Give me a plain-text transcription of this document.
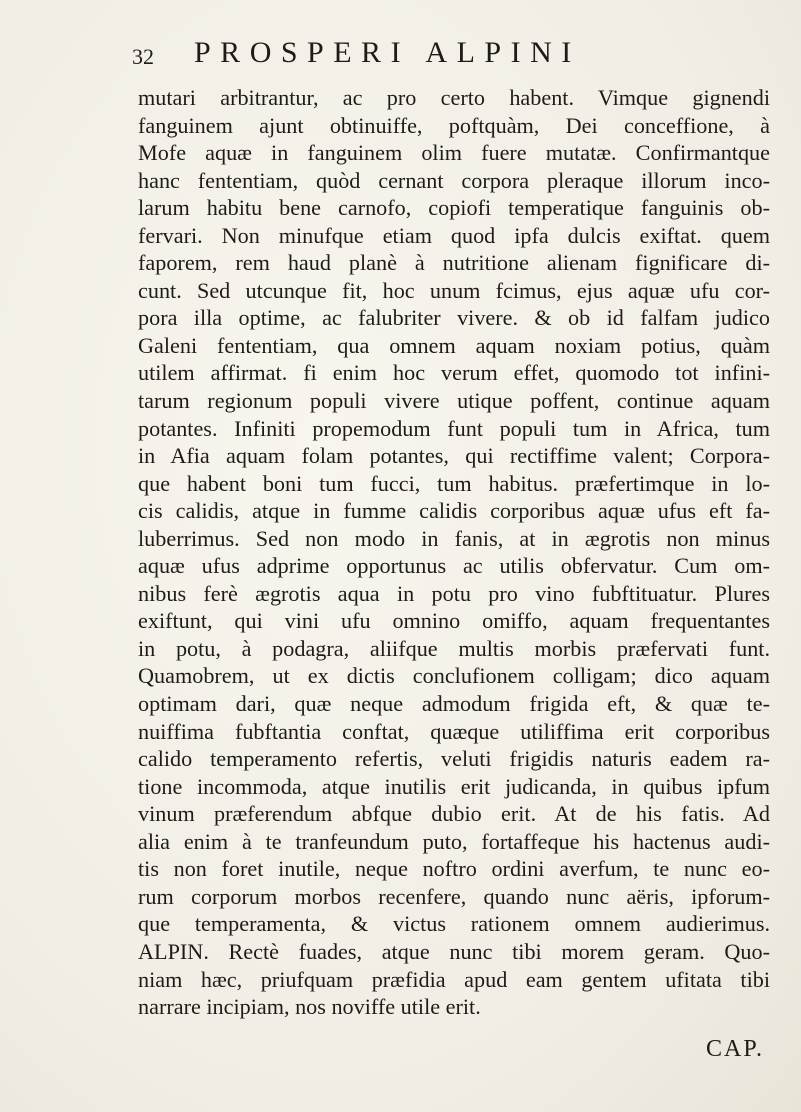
32 PROSPERI ALPINI
mutari arbitrantur, ac pro certo habent. Vimque gignendi
fanguinem ajunt obtinuiffe, poftquàm, Dei conceffione, à
Mofe aquæ in fanguinem olim fuere mutatæ. Confirmantque
hanc fententiam, quòd cernant corpora pleraque illorum inco-
larum habitu bene carnofo, copiofi temperatique fanguinis ob-
fervari. Non minufque etiam quod ipfa dulcis exiftat. quem
faporem, rem haud planè à nutritione alienam fignificare di-
cunt. Sed utcunque fit, hoc unum fcimus, ejus aquæ ufu cor-
pora illa optime, ac falubriter vivere. & ob id falfam judico
Galeni fententiam, qua omnem aquam noxiam potius, quàm
utilem affirmat. fi enim hoc verum effet, quomodo tot infini-
tarum regionum populi vivere utique poffent, continue aquam
potantes. Infiniti propemodum funt populi tum in Africa, tum
in Afia aquam folam potantes, qui rectiffime valent; Corpora-
que habent boni tum fucci, tum habitus. præfertimque in lo-
cis calidis, atque in fumme calidis corporibus aquæ ufus eft fa-
luberrimus. Sed non modo in fanis, at in ægrotis non minus
aquæ ufus adprime opportunus ac utilis obfervatur. Cum om-
nibus ferè ægrotis aqua in potu pro vino fubftituatur. Plures
exiftunt, qui vini ufu omnino omiffo, aquam frequentantes
in potu, à podagra, aliifque multis morbis præfervati funt.
Quamobrem, ut ex dictis conclufionem colligam; dico aquam
optimam dari, quæ neque admodum frigida eft, & quæ te-
nuiffima fubftantia conftat, quæque utiliffima erit corporibus
calido temperamento refertis, veluti frigidis naturis eadem ra-
tione incommoda, atque inutilis erit judicanda, in quibus ipfum
vinum præferendum abfque dubio erit. At de his fatis. Ad
alia enim à te tranfeundum puto, fortaffeque his hactenus audi-
tis non foret inutile, neque noftro ordini averfum, te nunc eo-
rum corporum morbos recenfere, quando nunc aëris, ipforum-
que temperamenta, & victus rationem omnem audierimus.
ALPIN. Rectè fuades, atque nunc tibi morem geram. Quo-
niam hæc, priufquam præfidia apud eam gentem ufitata tibi
narrare incipiam, nos noviffe utile erit.
CAP.
